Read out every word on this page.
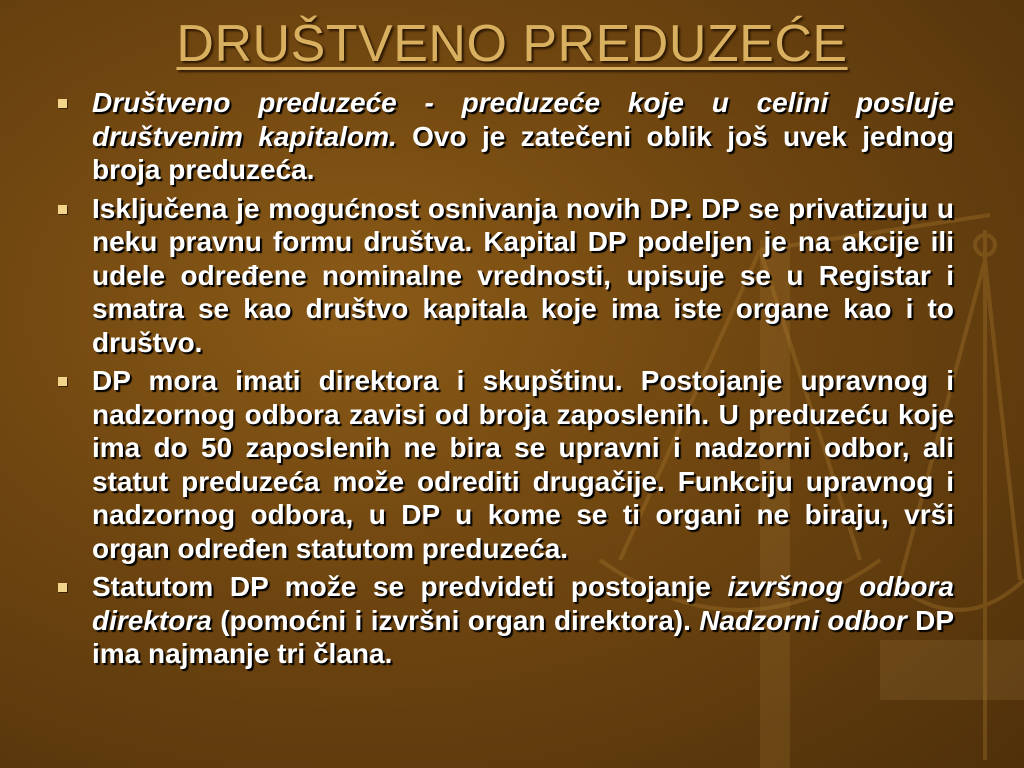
DRUŠTVENO PREDUZEĆE
Društveno preduzeće - preduzeće koje u celini posluje društvenim kapitalom. Ovo je zatečeni oblik još uvek jednog broja preduzeća.
Isključena je mogućnost osnivanja novih DP. DP se privatizuju u neku pravnu formu društva. Kapital DP podeljen je na akcije ili udele određene nominalne vrednosti, upisuje se u Registar i smatra se kao društvo kapitala koje ima iste organe kao i to društvo.
DP mora imati direktora i skupštinu. Postojanje upravnog i nadzornog odbora zavisi od broja zaposlenih. U preduzeću koje ima do 50 zaposlenih ne bira se upravni i nadzorni odbor, ali statut preduzeća može odrediti drugačije. Funkciju upravnog i nadzornog odbora, u DP u kome se ti organi ne biraju, vrši organ određen statutom preduzeća.
Statutom DP može se predvideti postojanje izvršnog odbora direktora (pomoćni i izvršni organ direktora). Nadzorni odbor DP ima najmanje tri člana.
